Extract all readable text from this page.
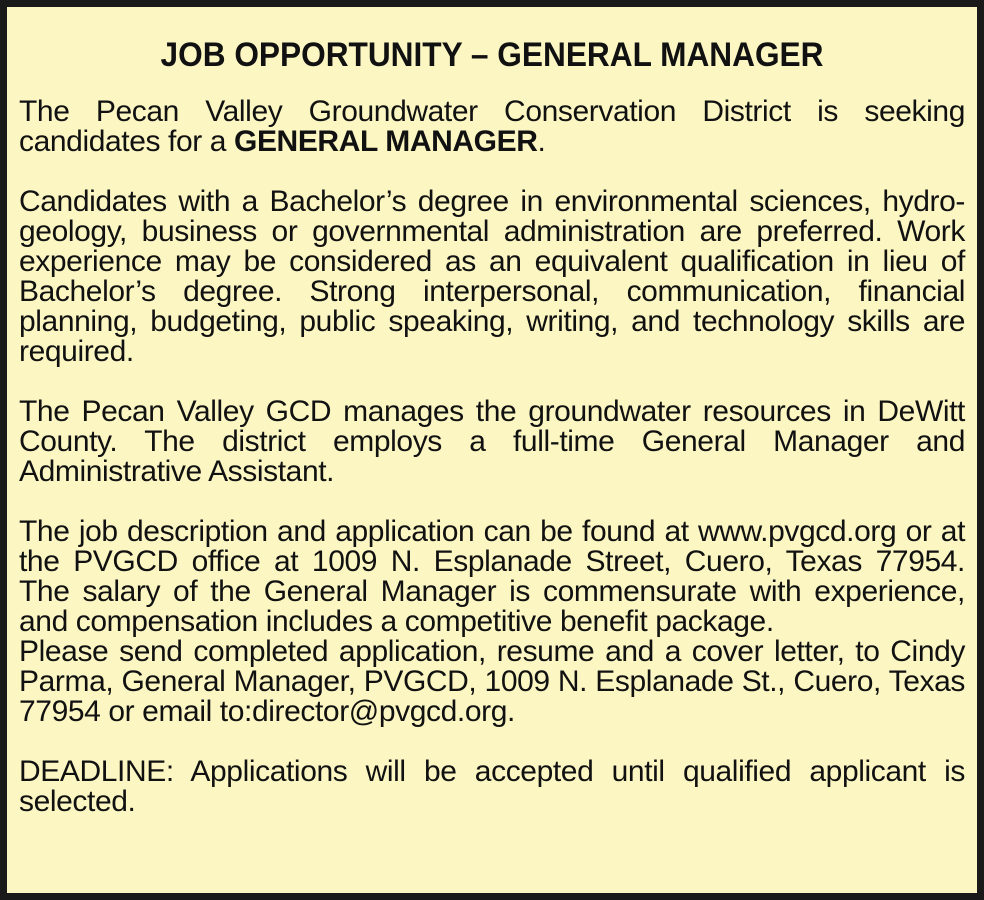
JOB OPPORTUNITY – GENERAL MANAGER

The Pecan Valley Groundwater Conservation District is seeking candidates for a GENERAL MANAGER.

Candidates with a Bachelor’s degree in environmental sciences, hydro-geology, business or governmental administration are preferred. Work experience may be considered as an equivalent qualification in lieu of Bachelor’s degree. Strong interpersonal, communication, financial planning, budgeting, public speaking, writing, and technology skills are required.

The Pecan Valley GCD manages the groundwater resources in DeWitt County. The district employs a full-time General Manager and Administrative Assistant.

The job description and application can be found at www.pvgcd.org or at the PVGCD office at 1009 N. Esplanade Street, Cuero, Texas 77954. The salary of the General Manager is commensurate with experience, and compensation includes a competitive benefit package.

Please send completed application, resume and a cover letter, to Cindy Parma, General Manager, PVGCD, 1009 N. Esplanade St., Cuero, Texas 77954 or email to:director@pvgcd.org.

DEADLINE: Applications will be accepted until qualified applicant is selected.
